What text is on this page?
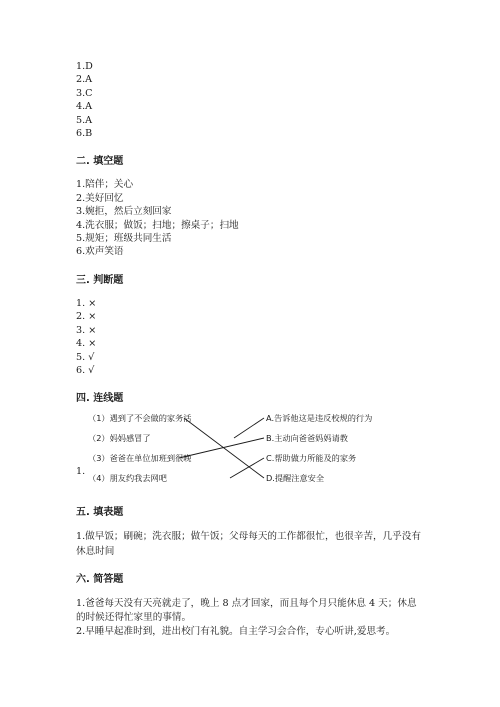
1.D
2.A
3.C
4.A
5.A
6.B
二. 填空题
1.陪伴；关心
2.美好回忆
3.婉拒，然后立刻回家
4.洗衣服；做饭；扫地；擦桌子；扫地
5.规矩；班级共同生活
6.欢声笑语
三. 判断题
1. ×
2. ×
3. ×
4. ×
5. √
6. √
四. 连线题
1.
（1）遇到了不会做的家务活
（2）妈妈感冒了
（3）爸爸在单位加班到很晚
（4）朋友约我去网吧
A.告诉他这是违反校规的行为
B.主动向爸爸妈妈请教
C.帮助做力所能及的家务
D.提醒注意安全
五. 填表题
1.做早饭；刷碗；洗衣服；做午饭；父母每天的工作都很忙，也很辛苦，几乎没有休息时间
六. 简答题
1.爸爸每天没有天亮就走了，晚上 8 点才回家，而且每个月只能休息 4 天；休息的时候还得忙家里的事情。
2.早睡早起准时到，进出校门有礼貌。自主学习会合作，专心听讲,爱思考。
